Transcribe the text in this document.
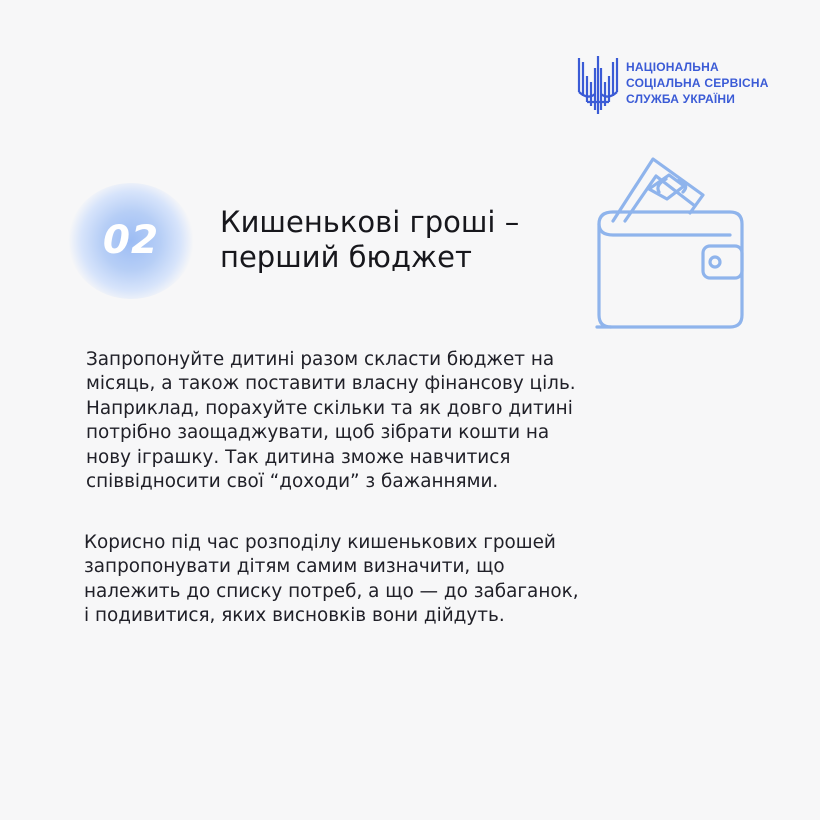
НАЦІОНАЛЬНА
СОЦІАЛЬНА СЕРВІСНА
СЛУЖБА УКРАЇНИ
02	Кишенькові гроші –
перший бюджет
Запропонуйте дитині разом скласти бюджет на
місяць, а також поставити власну фінансову ціль.
Наприклад, порахуйте скільки та як довго дитині
потрібно заощаджувати, щоб зібрати кошти на
нову іграшку. Так дитина зможе навчитися
співвідносити свої “доходи” з бажаннями.
Корисно під час розподілу кишенькових грошей
запропонувати дітям самим визначити, що
належить до списку потреб, а що — до забаганок,
і подивитися, яких висновків вони дійдуть.
